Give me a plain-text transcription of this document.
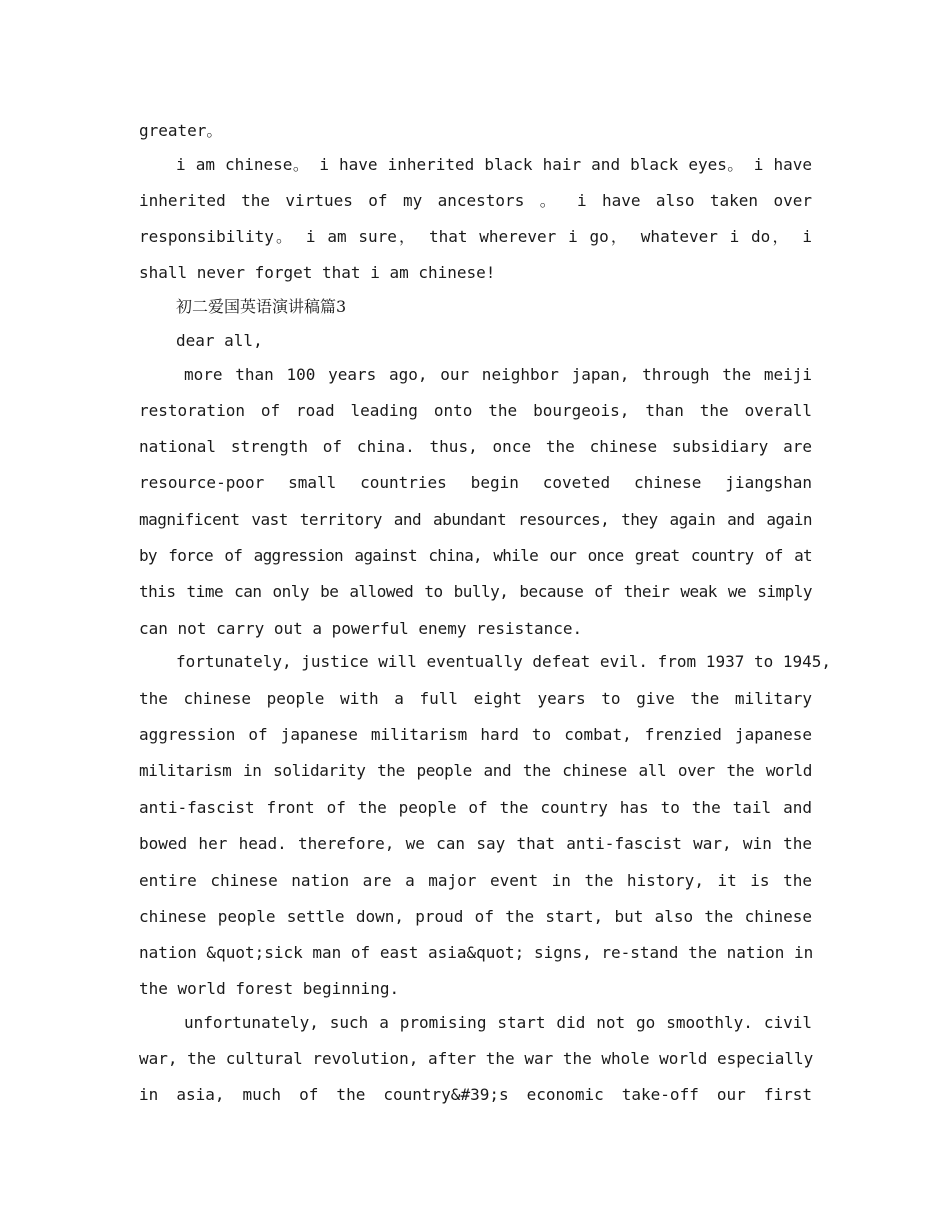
greater。
i am chinese。 i have inherited black hair and black eyes。 i have
inherited the virtues of my ancestors 。 i have also taken over
responsibility。 i am sure， that wherever i go， whatever i do， i
shall never forget that i am chinese!
初二爱国英语演讲稿篇3
dear all,
more than 100 years ago, our neighbor japan, through the meiji
restoration of road leading onto the bourgeois, than the overall
national strength of china. thus, once the chinese subsidiary are
resource-poor small countries begin coveted chinese jiangshan
magnificent vast territory and abundant resources, they again and again
by force of aggression against china, while our once great country of at
this time can only be allowed to bully, because of their weak we simply
can not carry out a powerful enemy resistance.
fortunately, justice will eventually defeat evil. from 1937 to 1945,
the chinese people with a full eight years to give the military
aggression of japanese militarism hard to combat, frenzied japanese
militarism in solidarity the people and the chinese all over the world
anti-fascist front of the people of the country has to the tail and
bowed her head. therefore, we can say that anti-fascist war, win the
entire chinese nation are a major event in the history, it is the
chinese people settle down, proud of the start, but also the chinese
nation &quot;sick man of east asia&quot; signs, re-stand the nation in
the world forest beginning.
unfortunately, such a promising start did not go smoothly. civil
war, the cultural revolution, after the war the whole world especially
in asia, much of the country&#39;s economic take-off our first
